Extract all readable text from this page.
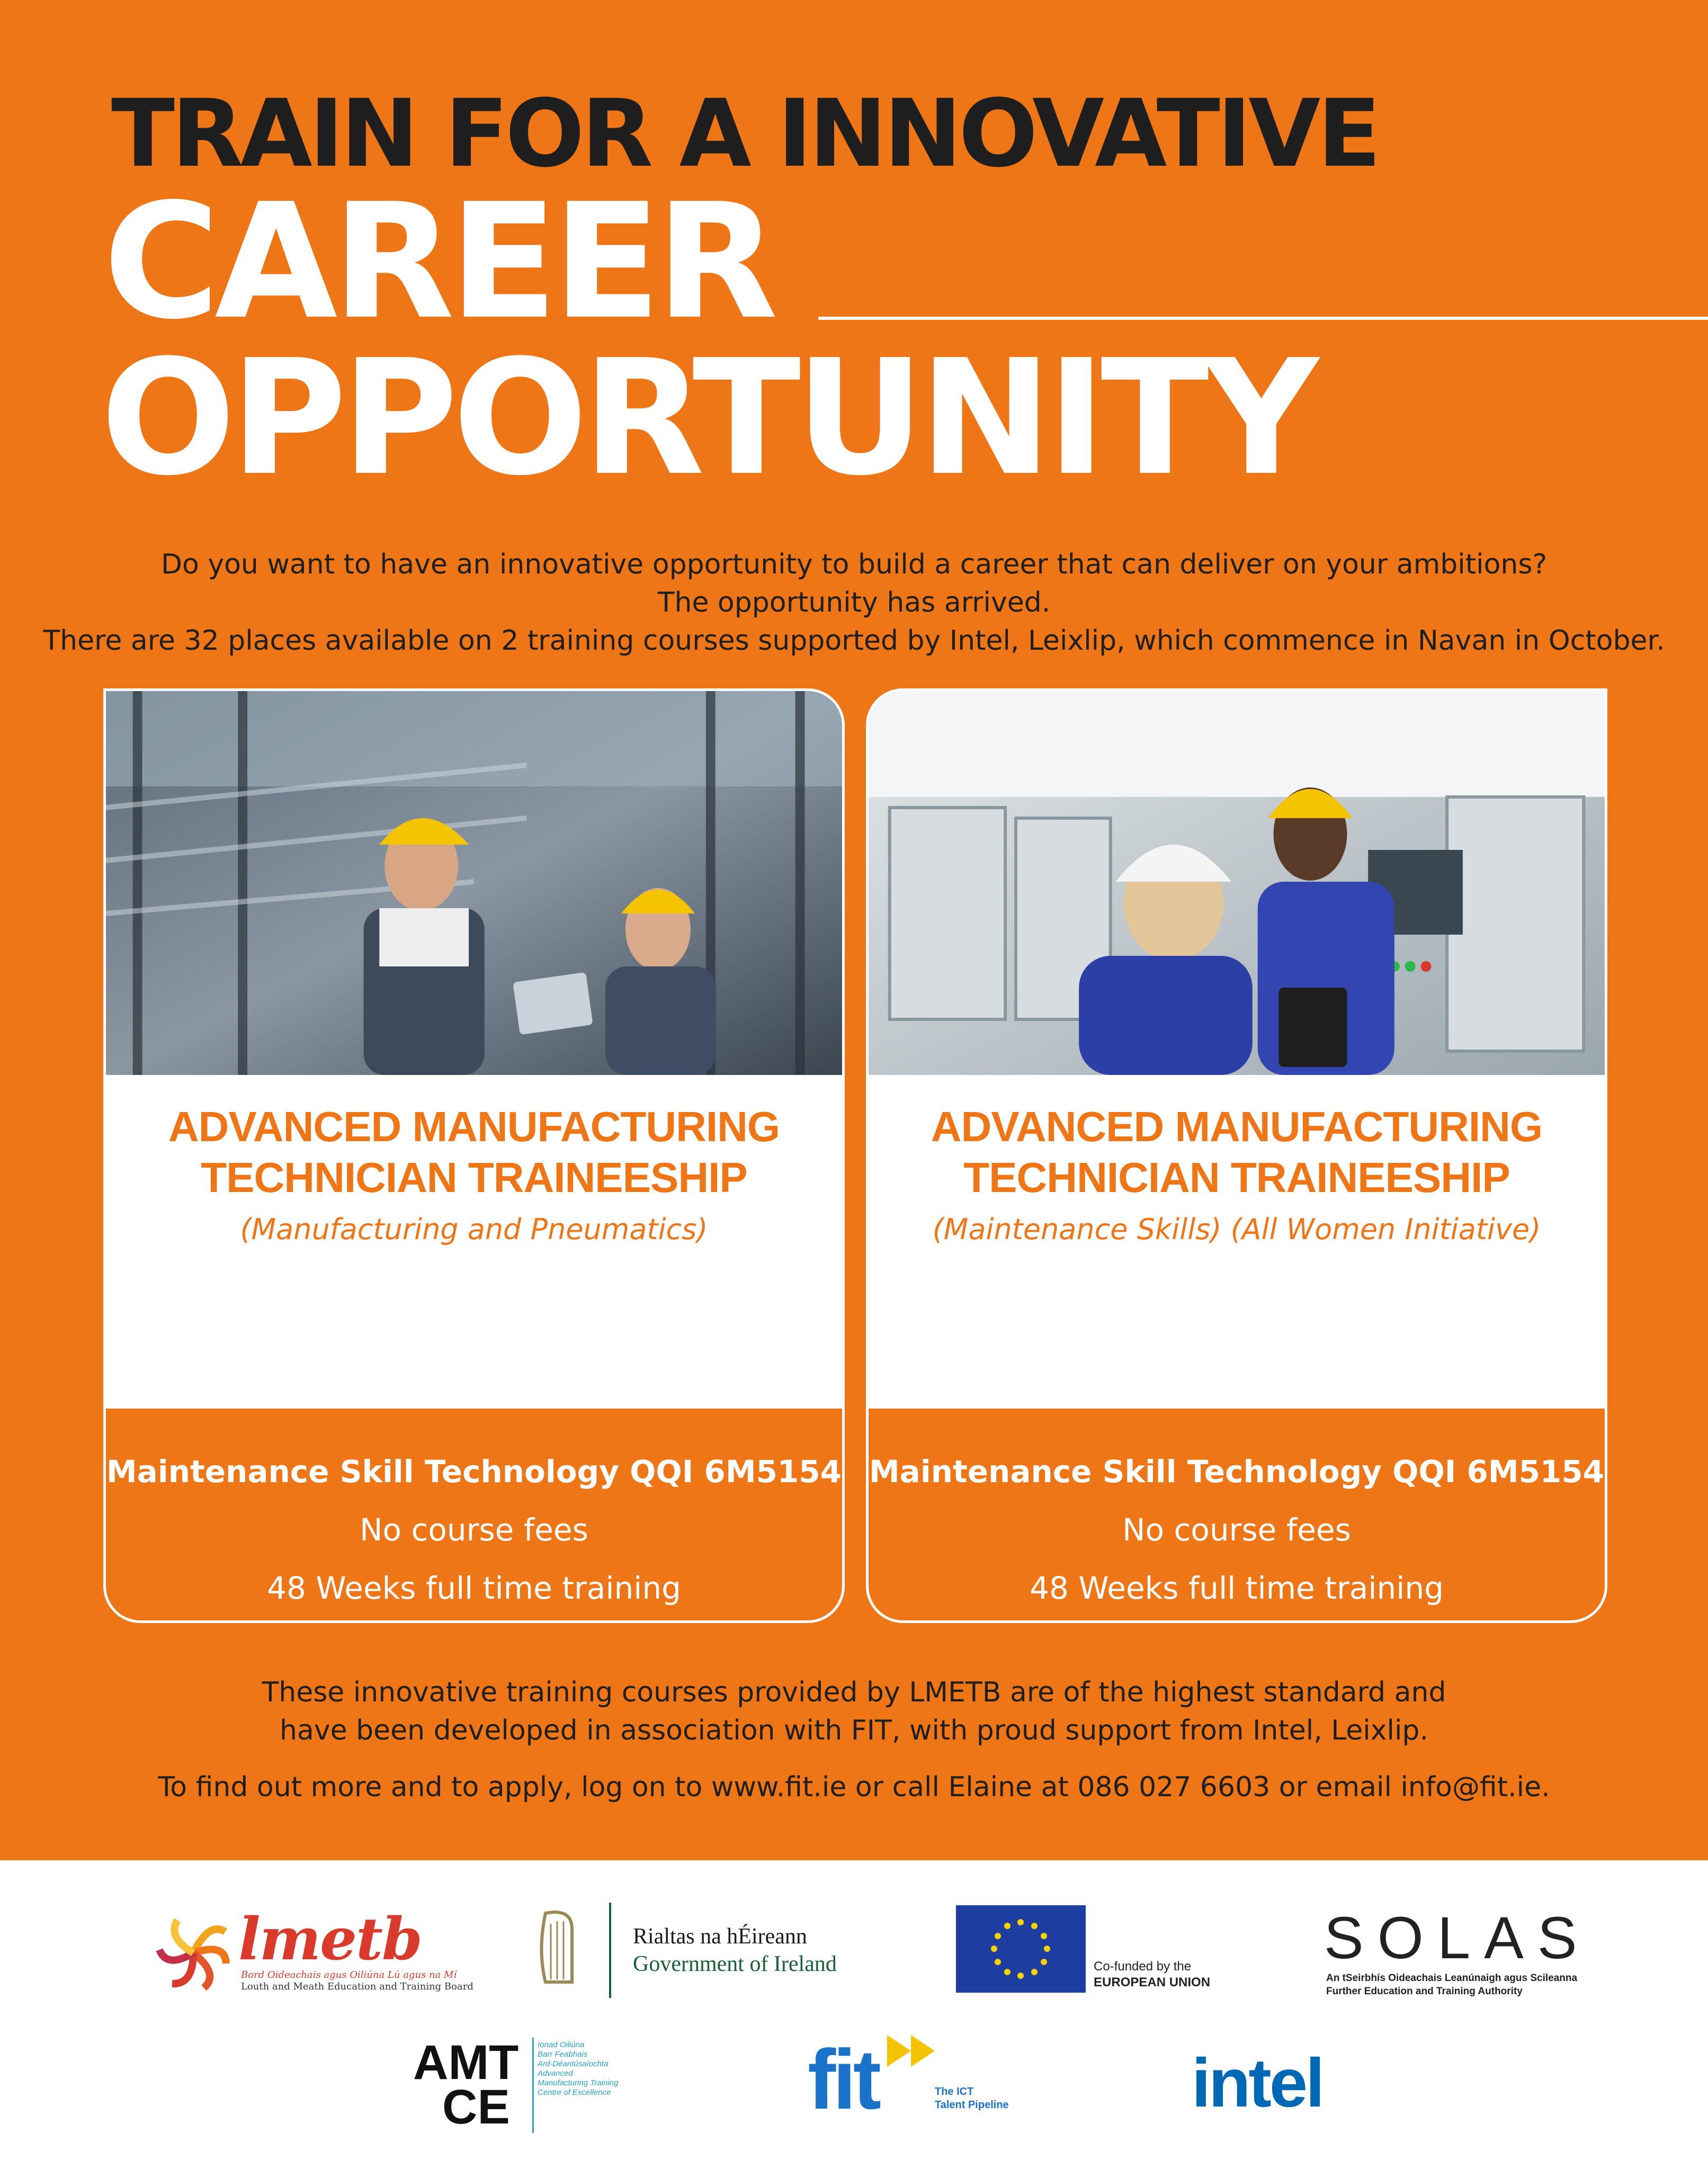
TRAIN FOR A INNOVATIVE
CAREER
OPPORTUNITY
Do you want to have an innovative opportunity to build a career that can deliver on your ambitions?
The opportunity has arrived.
There are 32 places available on 2 training courses supported by Intel, Leixlip, which commence in Navan in October.
ADVANCED MANUFACTURING
TECHNICIAN TRAINEESHIP
(Manufacturing and Pneumatics)
Maintenance Skill Technology QQI 6M5154
No course fees
48 Weeks full time training
ADVANCED MANUFACTURING
TECHNICIAN TRAINEESHIP
(Maintenance Skills) (All Women Initiative)
Maintenance Skill Technology QQI 6M5154
No course fees
48 Weeks full time training
These innovative training courses provided by LMETB are of the highest standard and
have been developed in association with FIT, with proud support from Intel, Leixlip.
To find out more and to apply, log on to www.fit.ie or call Elaine at 086 027 6603 or email info@fit.ie.
lmetb
Bord Oideachais agus Oiliúna Lú agus na Mí
Louth and Meath Education and Training Board
Rialtas na hÉireann
Government of Ireland	Co-funded by the
EUROPEAN UNION
SOLAS
An tSeirbhís Oideachais Leanúnaigh agus Scileanna
Further Education and Training Authority
AMT
CE
Ionad Oiliúna
Barr Feabhais
Ard-Déantúsaíochta
Advanced
Manufacturing Training
Centre of Excellence fit	The ICT
Talent Pipeline	intel
